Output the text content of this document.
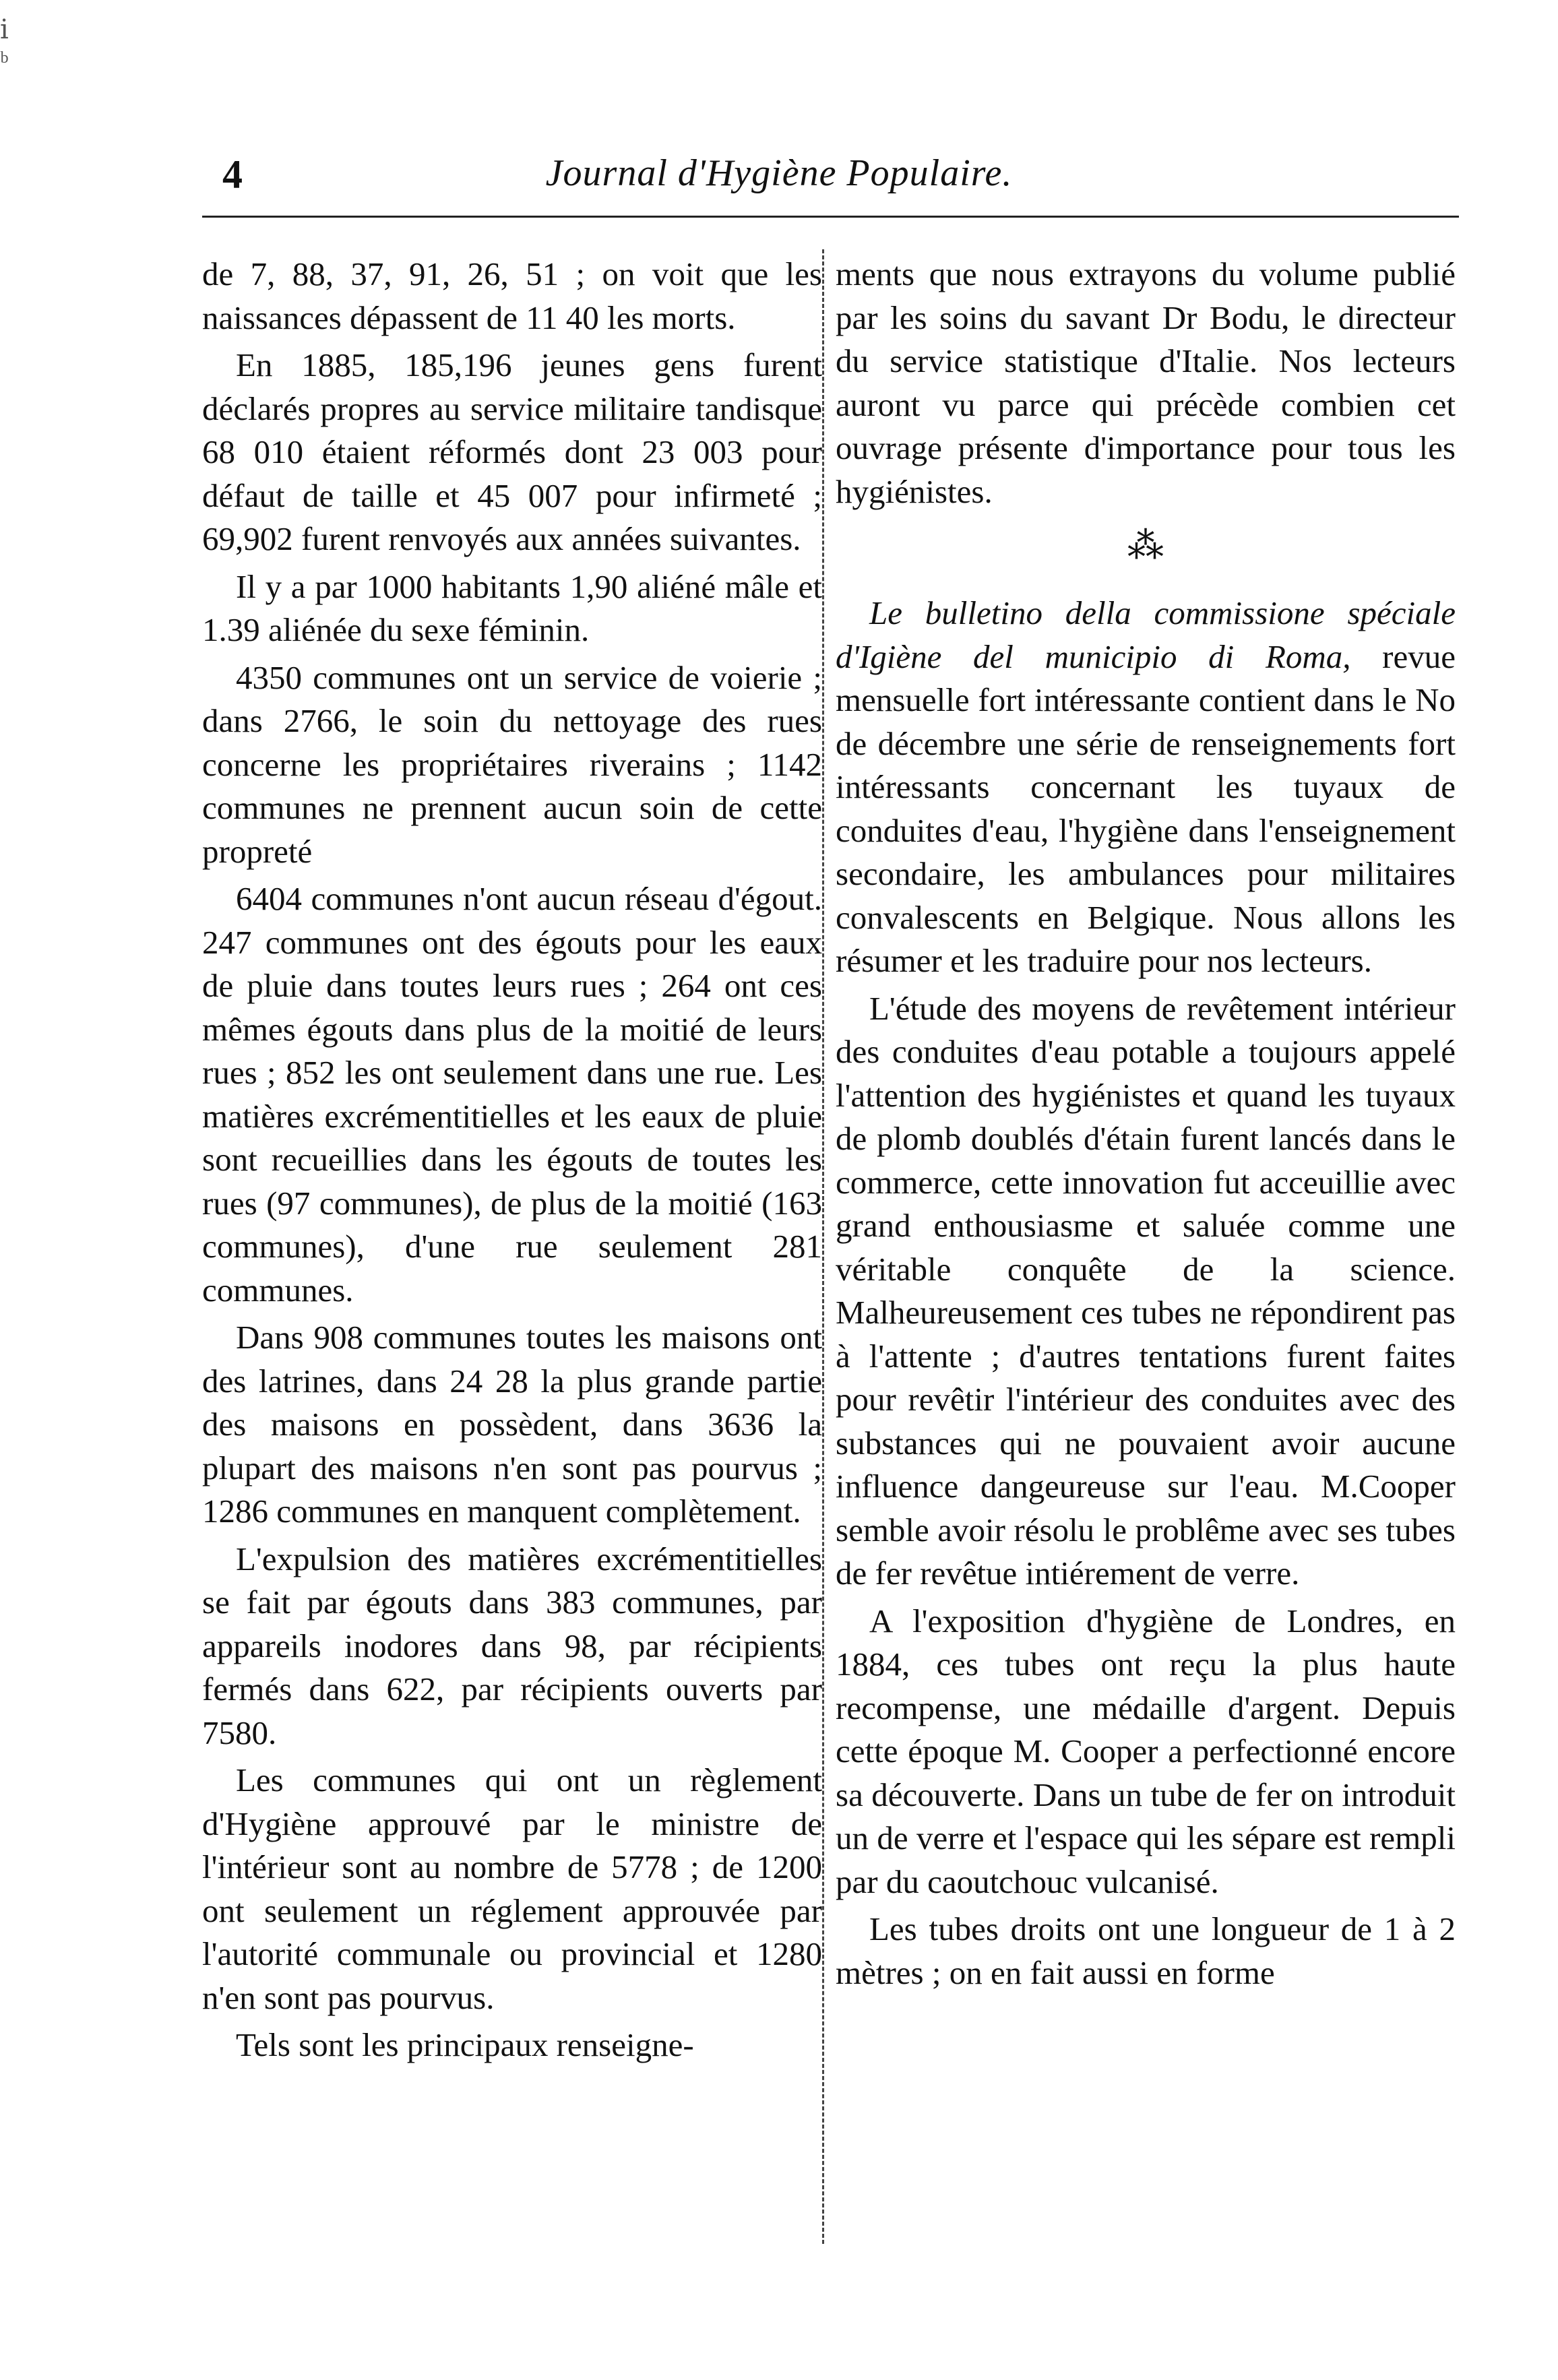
ⅰ
ᵇ
4	Journal d'Hygiène Populaire.

de 7, 88, 37, 91, 26, 51 ; on voit que les naissances dépassent de 11 40 les morts.

En 1885, 185,196 jeunes gens furent déclarés propres au service militaire tandisque 68 010 étaient réformés dont 23 003 pour défaut de taille et 45 007 pour infirmeté ; 69,902 furent renvoyés aux années suivantes.

Il y a par 1000 habitants 1,90 aliéné mâle et 1.39 aliénée du sexe féminin.

4350 communes ont un service de voierie ; dans 2766, le soin du nettoyage des rues concerne les propriétaires riverains ; 1142 communes ne prennent aucun soin de cette propreté

6404 communes n'ont aucun réseau d'égout. 247 communes ont des égouts pour les eaux de pluie dans toutes leurs rues ; 264 ont ces mêmes égouts dans plus de la moitié de leurs rues ; 852 les ont seulement dans une rue. Les matières excrémentitielles et les eaux de pluie sont recueillies dans les égouts de toutes les rues (97 communes), de plus de la moitié (163 communes), d'une rue seulement 281 communes.

Dans 908 communes toutes les maisons ont des latrines, dans 24 28 la plus grande partie des maisons en possèdent, dans 3636 la plupart des maisons n'en sont pas pourvus ; 1286 communes en manquent complètement.

L'expulsion des matières excrémentitielles se fait par égouts dans 383 communes, par appareils inodores dans 98, par récipients fermés dans 622, par récipients ouverts par 7580.

Les communes qui ont un règlement d'Hygiène approuvé par le ministre de l'intérieur sont au nombre de 5778 ; de 1200 ont seulement un réglement approuvée par l'autorité communale ou provincial et 1280 n'en sont pas pourvus.

Tels sont les principaux renseigne-

ments que nous extrayons du volume publié par les soins du savant Dr Bodu, le directeur du service statistique d'Italie. Nos lecteurs auront vu parce qui précède combien cet ouvrage présente d'importance pour tous les hygiénistes.

⁂

Le bulletino della commissione spéciale d'Igiène del municipio di Roma, revue mensuelle fort intéressante contient dans le No de décembre une série de renseignements fort intéressants concernant les tuyaux de conduites d'eau, l'hygiène dans l'enseignement secondaire, les ambulances pour militaires convalescents en Belgique. Nous allons les résumer et les traduire pour nos lecteurs.

L'étude des moyens de revêtement intérieur des conduites d'eau potable a toujours appelé l'attention des hygiénistes et quand les tuyaux de plomb doublés d'étain furent lancés dans le commerce, cette innovation fut acceuillie avec grand enthousiasme et saluée comme une véritable conquête de la science. Malheureusement ces tubes ne répondirent pas à l'attente ; d'autres tentations furent faites pour revêtir l'intérieur des conduites avec des substances qui ne pouvaient avoir aucune influence dangeureuse sur l'eau. M.Cooper semble avoir résolu le problême avec ses tubes de fer revêtue intiérement de verre.

A l'exposition d'hygiène de Londres, en 1884, ces tubes ont reçu la plus haute recompense, une médaille d'argent. Depuis cette époque M. Cooper a perfectionné encore sa découverte. Dans un tube de fer on introduit un de verre et l'espace qui les sépare est rempli par du caoutchouc vulcanisé.

Les tubes droits ont une longueur de 1 à 2 mètres ; on en fait aussi en forme
